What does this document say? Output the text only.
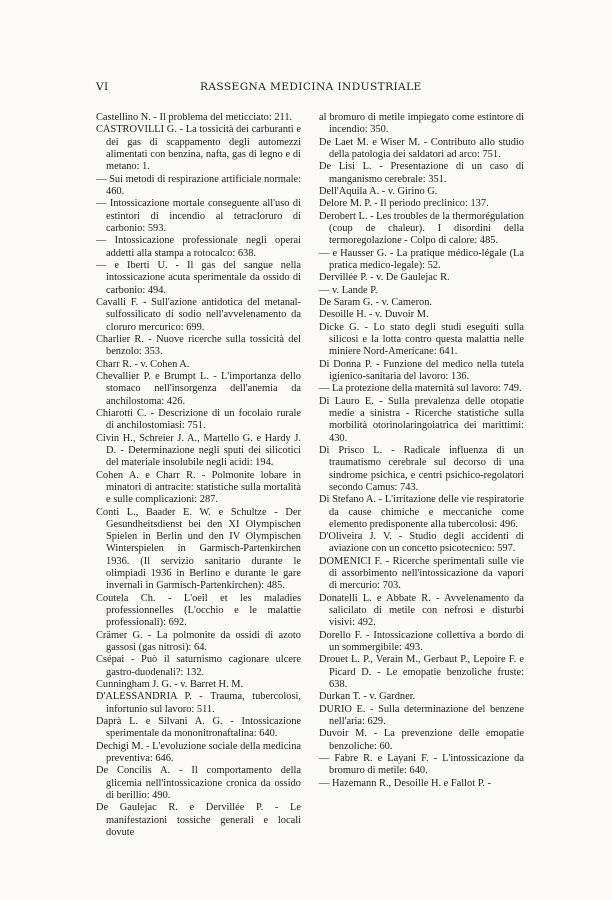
VI	RASSEGNA MEDICINA INDUSTRIALE

Castellino N. - Il problema del meticciato: 211.

CASTROVILLI G. - La tossicità dei carburanti e dei gas di scappamento degli automezzi alimentati con benzina, nafta, gas di legno e di metano: 1.

— Sui metodi di respirazione artificiale normale: 460.

— Intossicazione mortale conseguente all'uso di estintori di incendio al tetracloruro di carbonio: 593.

— Intossicazione professionale negli operai addetti alla stampa a rotocalco: 638.

— e Iberti U. - Il gas del sangue nella intossicazione acuta sperimentale da ossido di carbonio: 494.

Cavalli F. - Sull'azione antidotica del metanal-sulfossilicato di sodio nell'avvelenamento da cloruro mercurico: 699.

Charlier R. - Nuove ricerche sulla tossicità del benzolo: 353.

Charr R. - v. Cohen A.

Chevallier P. e Brumpt L. - L'importanza dello stomaco nell'insorgenza dell'anemia da anchilostoma: 426.

Chiarotti C. - Descrizione di un focolaio rurale di anchilostomiasi: 751.

Civin H., Schreier J. A., Martello G. e Hardy J. D. - Determinazione negli sputi dei silicotici del materiale insolubile negli acidi: 194.

Cohen A. e Charr R. - Polmonite lobare in minatori di antracite: statistiche sulla mortalità e sulle complicazioni: 287.

Conti L., Baader E. W. e Schultze - Der Gesundheitsdienst bei den XI Olympischen Spielen in Berlin und den IV Olympischen Winterspielen in Garmisch-Partenkirchen 1936. (Il servizio sanitario durante le olimpiadi 1936 in Berlino e durante le gare invernali in Garmisch-Partenkirchen): 485.

Coutela Ch. - L'oeil et les maladies professionnelles (L'occhio e le malattie professionali): 692.

Crämer G. - La polmonite da ossidi di azoto gassosi (gas nitrosi): 64.

Csépai - Può il saturnismo cagionare ulcere gastro-duodenali?: 132.

Cunningham J. G. - v. Barret H. M.

D'ALESSANDRIA P. - Trauma, tubercolosi, infortunio sul lavoro: 511.

Daprà L. e Silvani A. G. - Intossicazione sperimentale da mononitronaftalina: 640.

Dechigi M. - L'evoluzione sociale della medicina preventiva: 646.

De Concilis A. - Il comportamento della glicemia nell'intossicazione cronica da ossido di berillio: 490.

De Gaulejac R. e Dervillée P. - Le manifestazioni tossiche generali e locali dovute

al bromuro di metile impiegato come estintore di incendio: 350.

De Laet M. e Wiser M. - Contributo allo studio della patologia dei saldatori ad arco: 751.

De Lisi L. - Presentazione di un caso di manganismo cerebrale: 351.

Dell'Aquila A. - v. Girino G.

Delore M. P. - Il periodo preclinico: 137.

Derobert L. - Les troubles de la thermorégulation (coup de chaleur). I disordini della termoregolazione - Colpo di calore: 485.

— e Hausser G. - La pratique médico-légale (La pratica medico-legale): 52.

Dervillée P. - v. De Gaulejac R.

— v. Lande P.

De Saram G. - v. Cameron.

Desoille H. - v. Duvoir M.

Dicke G. - Lo stato degli studi eseguiti sulla silicosi e la lotta contro questa malattia nelle miniere Nord-Americane: 641.

Di Donna P. - Funzione del medico nella tutela igienico-sanitaria del lavoro: 136.

— La protezione della maternità sul lavoro: 749.

Di Lauro E. - Sulla prevalenza delle otopatie medie a sinistra - Ricerche statistiche sulla morbilità otorinolaringoiatrica dei marittimi: 430.

Di Prisco L. - Radicale influenza di un traumatismo cerebrale sul decorso di una sindrome psichica, e centri psichico-regolatori secondo Camus: 743.

Di Stefano A. - L'irritazione delle vie respiratorie da cause chimiche e meccaniche come elemento predisponente alla tubercolosi: 496.

D'Oliveira J. V. - Studio degli accidenti di aviazione con un concetto psicotecnico: 597.

DOMENICI F. - Ricerche sperimentali sulle vie di assorbimento nell'intossicazione da vapori di mercurio: 703.

Donatelli L. e Abbate R. - Avvelenamento da salicilato di metile con nefrosi e disturbi visivi: 492.

Dorello F. - Intossicazione collettiva a bordo di un sommergibile: 493.

Drouet L. P., Verain M., Gerbaut P., Lepoire F. e Picard D. - Le emopatie benzoliche fruste: 638.

Durkan T. - v. Gardner.

DURIO E. - Sulla determinazione del benzene nell'aria: 629.

Duvoir M. - La prevenzione delle emopatie benzoliche: 60.

— Fabre R. e Layani F. - L'intossicazione da bromuro di metile: 640.

— Hazemann R., Desoille H. e Fallot P. -
